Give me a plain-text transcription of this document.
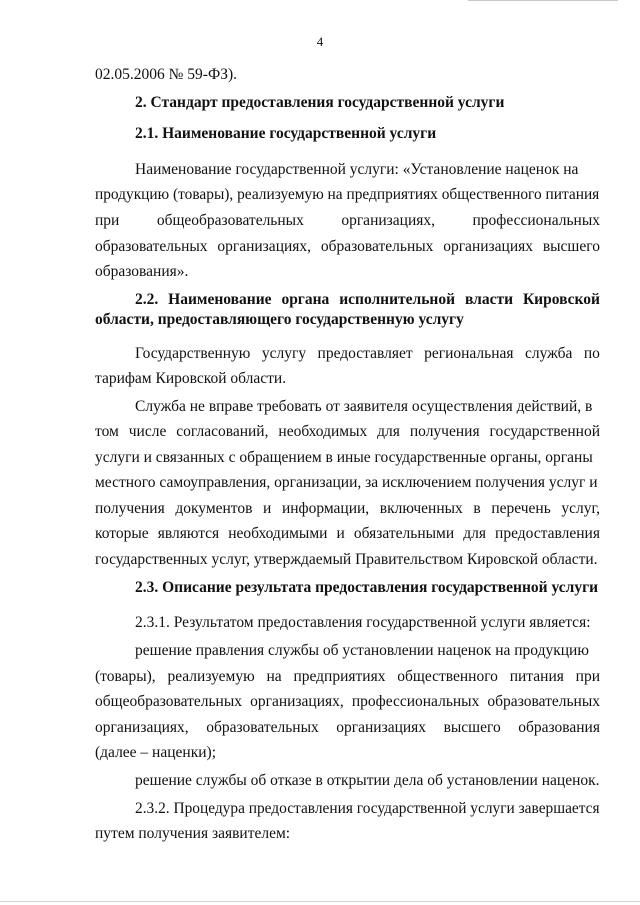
4
02.05.2006 № 59-ФЗ).
2. Стандарт предоставления государственной услуги
2.1. Наименование государственной услуги
Наименование государственной услуги: «Установление наценок на
продукцию (товары), реализуемую на предприятиях общественного питания
при общеобразовательных организациях, профессиональных
образовательных организациях, образовательных организациях высшего
образования».
2.2. Наименование органа исполнительной власти Кировской
области, предоставляющего государственную услугу
Государственную услугу предоставляет региональная служба по
тарифам Кировской области.
Служба не вправе требовать от заявителя осуществления действий, в
том числе согласований, необходимых для получения государственной
услуги и связанных с обращением в иные государственные органы, органы
местного самоуправления, организации, за исключением получения услуг и
получения документов и информации, включенных в перечень услуг,
которые являются необходимыми и обязательными для предоставления
государственных услуг, утверждаемый Правительством Кировской области.
2.3. Описание результата предоставления государственной услуги
2.3.1. Результатом предоставления государственной услуги является:
решение правления службы об установлении наценок на продукцию
(товары), реализуемую на предприятиях общественного питания при
общеобразовательных организациях, профессиональных образовательных
организациях, образовательных организациях высшего образования
(далее – наценки);
решение службы об отказе в открытии дела об установлении наценок.
2.3.2. Процедура предоставления государственной услуги завершается
путем получения заявителем:
